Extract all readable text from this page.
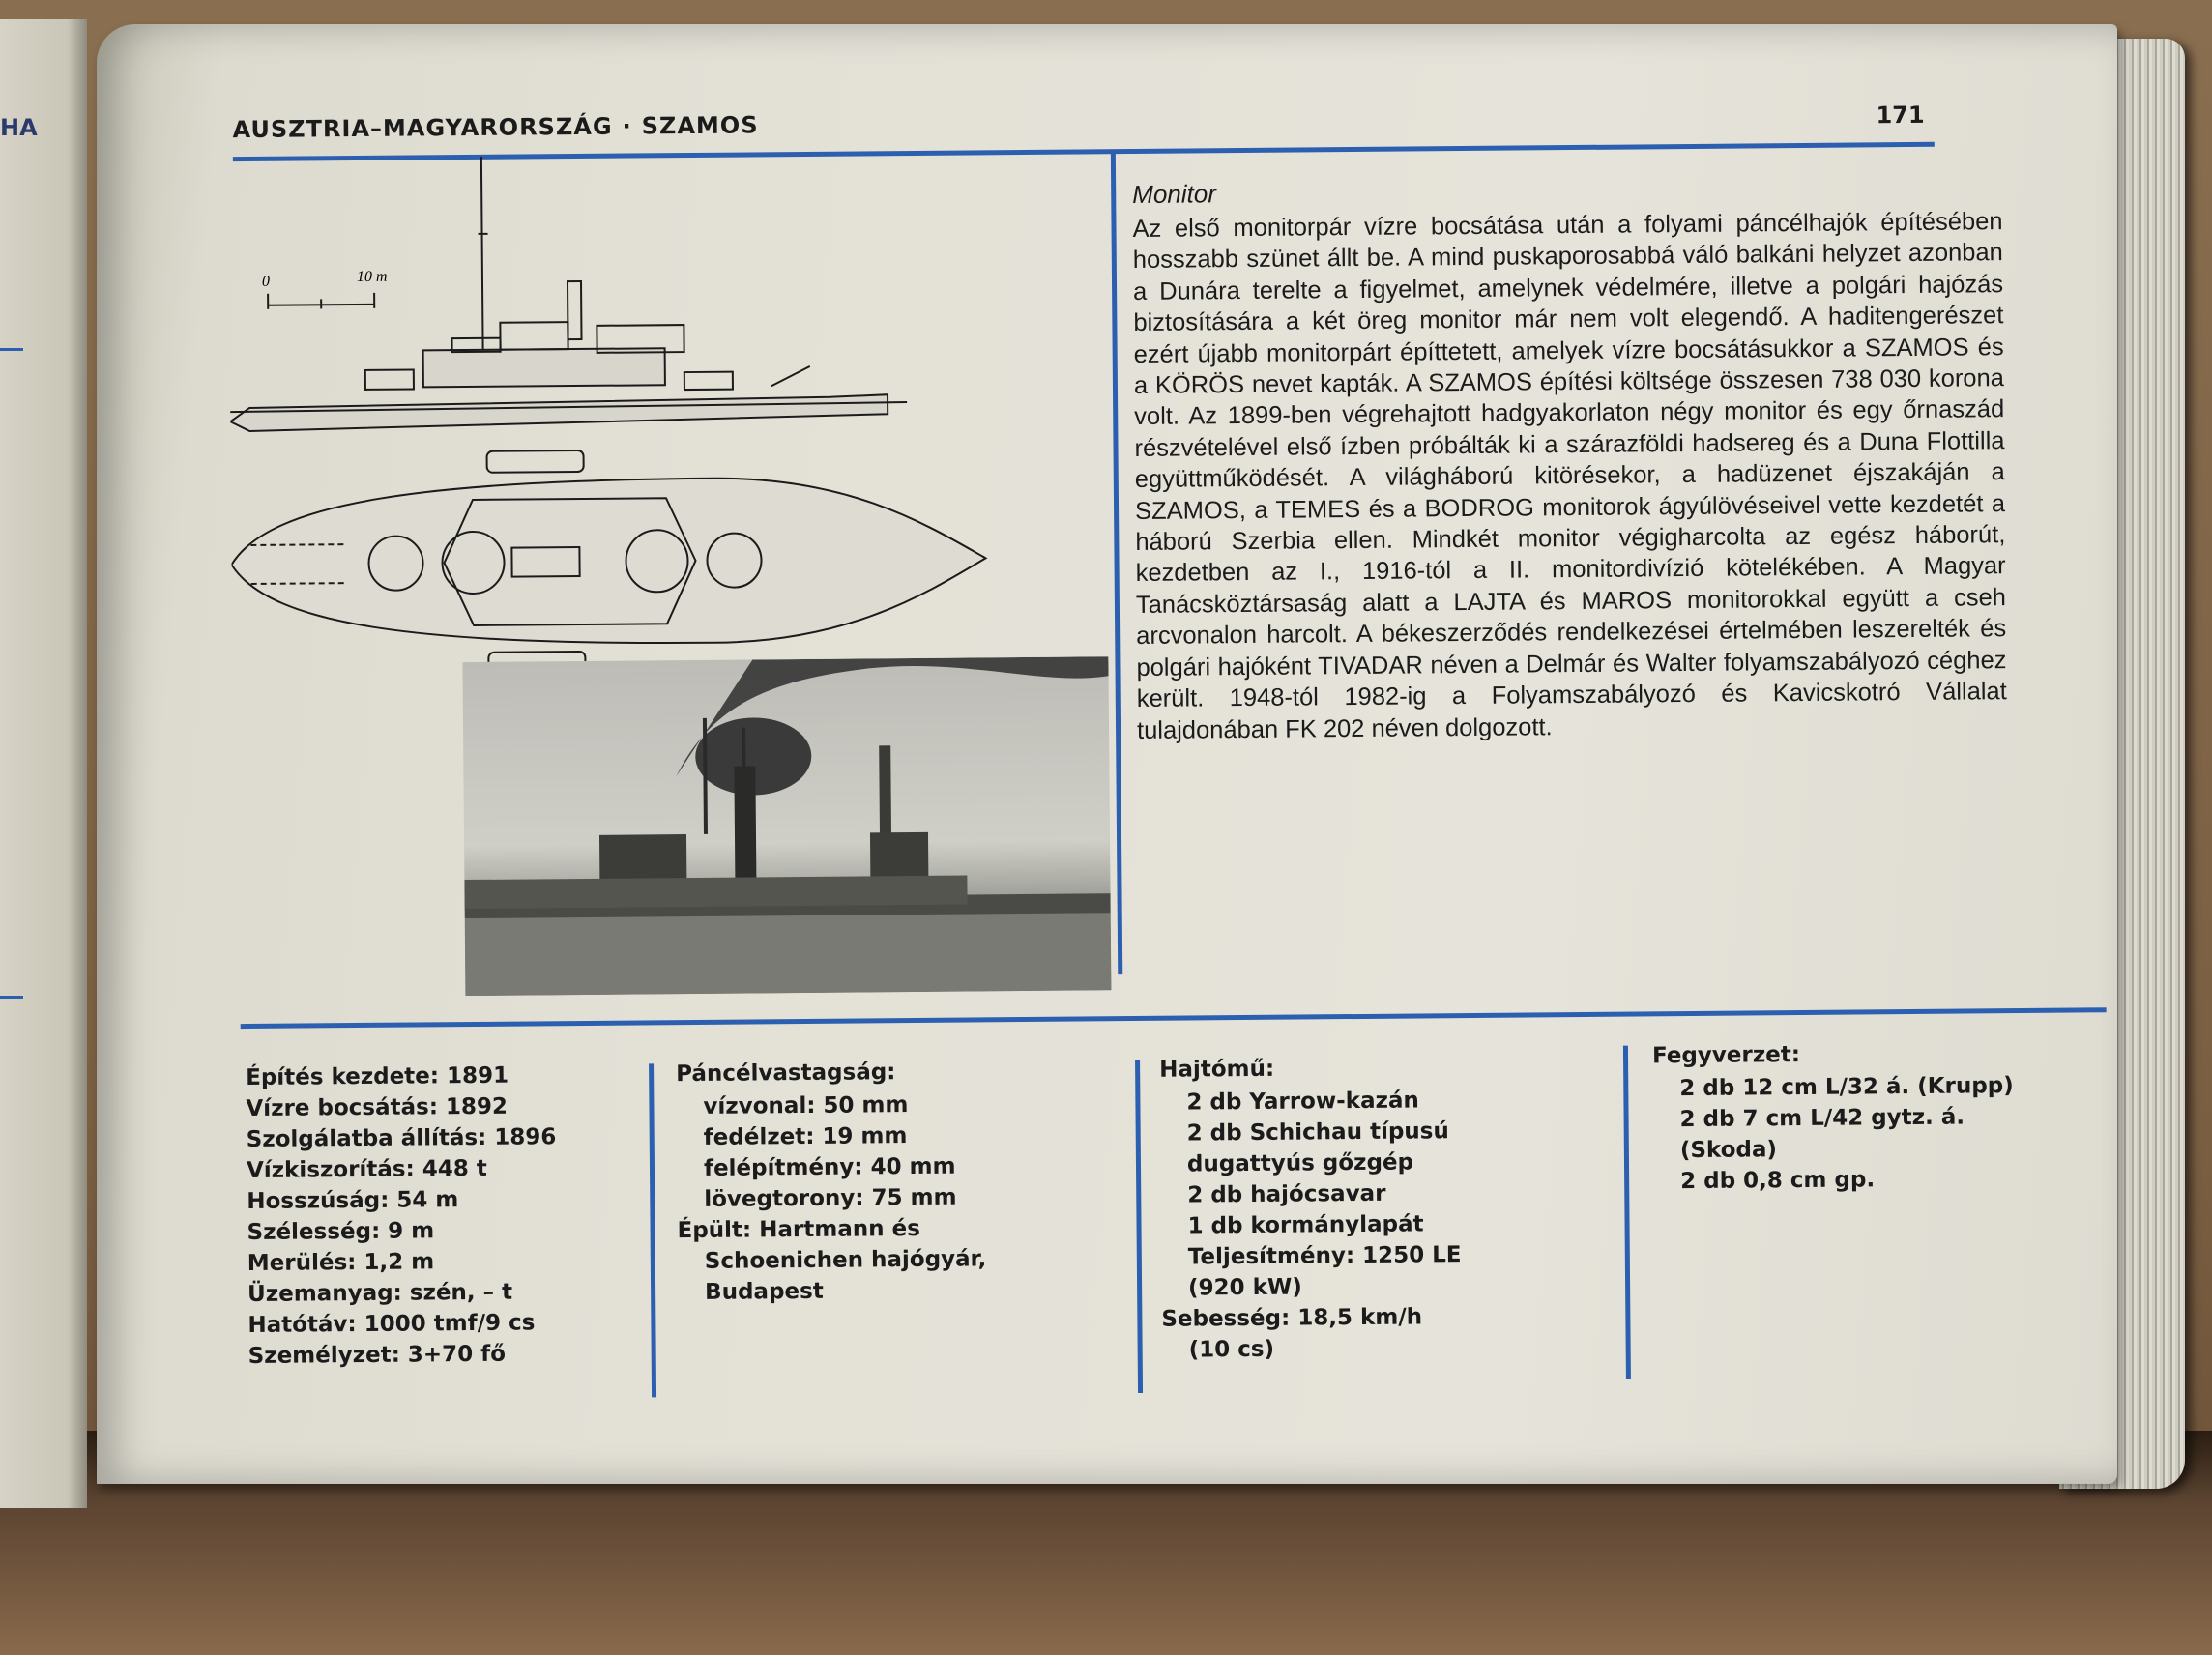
HA	AUSZTRIA–MAGYARORSZÁG · SZAMOS	171
0	10 m
Monitor

Az első monitorpár vízre bocsátása után a folyami páncélhajók építésében hosszabb szünet állt be. A mind puskaporosabbá váló balkáni helyzet azonban a Dunára terelte a figyelmet, amelynek védelmére, illetve a polgári hajózás biztosítására a két öreg monitor már nem volt elegendő. A haditengerészet ezért újabb monitorpárt építtetett, amelyek vízre bocsátásukkor a SZAMOS és a KÖRÖS nevet kapták. A SZAMOS építési költsége összesen 738 030 korona volt. Az 1899-ben végrehajtott hadgyakorlaton négy monitor és egy őrnaszád részvételével első ízben próbálták ki a szárazföldi hadsereg és a Duna Flottilla együttműködését. A világháború kitörésekor, a hadüzenet éjszakáján a SZAMOS, a TEMES és a BODROG monitorok ágyúlövéseivel vette kezdetét a háború Szerbia ellen. Mindkét monitor végigharcolta az egész háborút, kezdetben az I., 1916-tól a II. monitordivízió kötelékében. A Magyar Tanácsköztársaság alatt a LAJTA és MAROS monitorokkal együtt a cseh arcvonalon harcolt. A békeszerződés rendelkezései értelmében leszerelték és polgári hajóként TIVADAR néven a Delmár és Walter folyamszabályozó céghez került. 1948-tól 1982-ig a Folyamszabályozó és Kavicskotró Vállalat tulajdonában FK 202 néven dolgozott.

Építés kezdete: 1891
Vízre bocsátás: 1892
Szolgálatba állítás: 1896
Vízkiszorítás: 448 t
Hosszúság: 54 m
Szélesség: 9 m
Merülés: 1,2 m
Üzemanyag: szén, – t
Hatótáv: 1000 tmf/9 cs
Személyzet: 3+70 fő
Páncélvastagság:
vízvonal: 50 mm
fedélzet: 19 mm
felépítmény: 40 mm
lövegtorony: 75 mm
Épült: Hartmann és
Schoenichen hajógyár,
Budapest
Hajtómű:
2 db Yarrow-kazán
2 db Schichau típusú
dugattyús gőzgép
2 db hajócsavar
1 db kormánylapát
Teljesítmény: 1250 LE
(920 kW)
Sebesség: 18,5 km/h
(10 cs)
Fegyverzet:
2 db 12 cm L/32 á. (Krupp)
2 db 7 cm L/42 gytz. á.
(Skoda)
2 db 0,8 cm gp.
